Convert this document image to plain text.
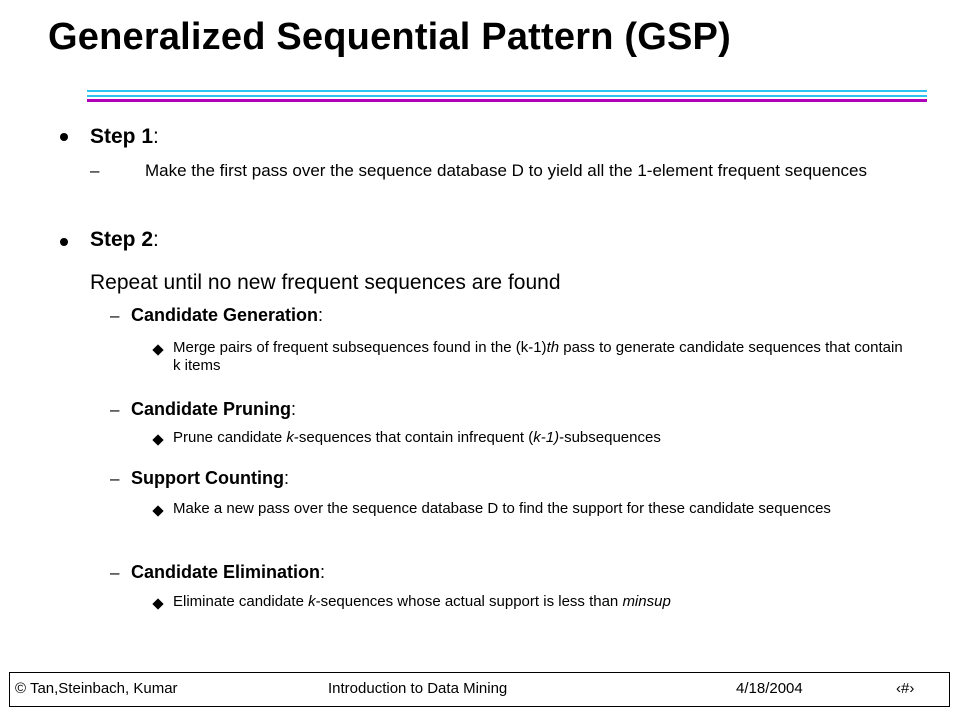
Generalized Sequential Pattern (GSP)
Step 1:
–	Make the first pass over the sequence database D to yield all the 1-element frequent sequences
Step 2:
Repeat until no new frequent sequences are found
– Candidate Generation:
Merge pairs of frequent subsequences found in the (k-1)th pass to generate candidate sequences that contain k items
– Candidate Pruning:
Prune candidate k-sequences that contain infrequent (k-1)-subsequences
– Support Counting:
Make a new pass over the sequence database D to find the support for these candidate sequences
– Candidate Elimination:
Eliminate candidate k-sequences whose actual support is less than minsup
© Tan,Steinbach, Kumar	Introduction to Data Mining	4/18/2004	‹#›
